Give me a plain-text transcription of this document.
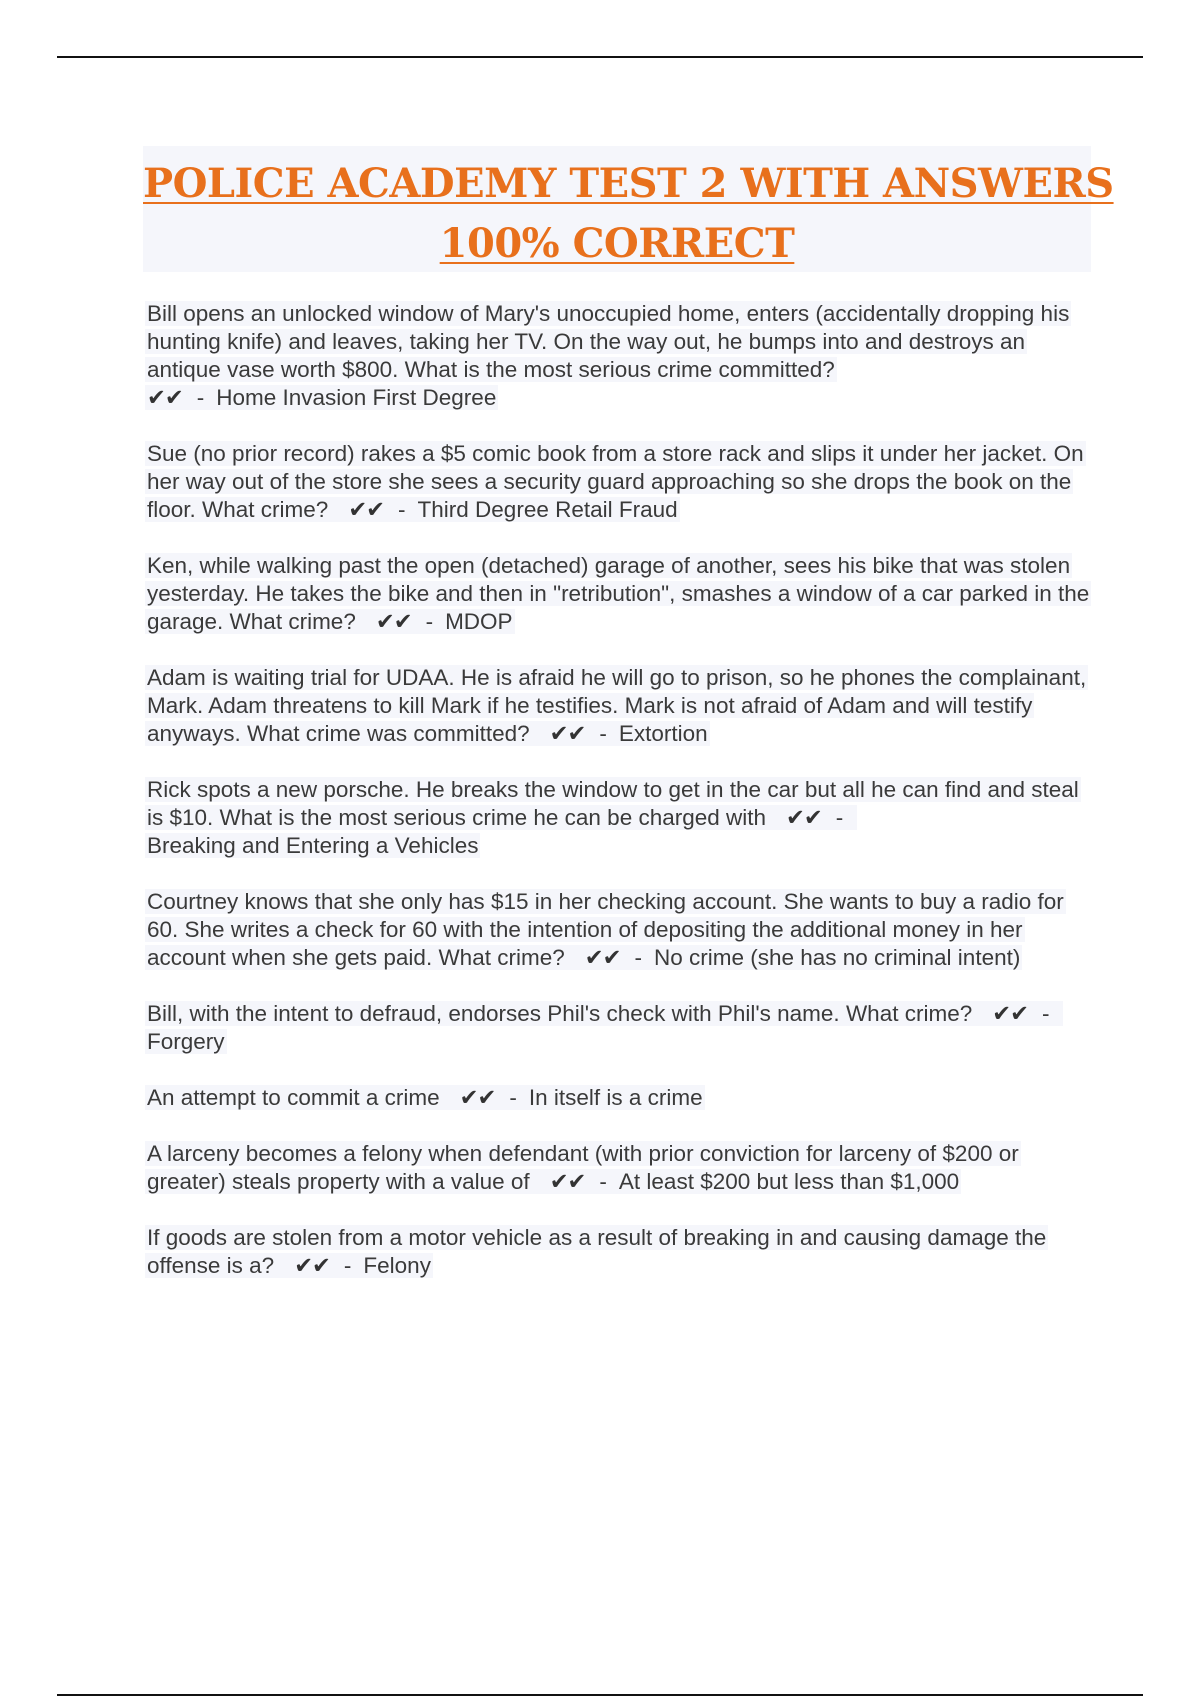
POLICE ACADEMY TEST 2 WITH ANSWERS
100% CORRECT

Bill opens an unlocked window of Mary's unoccupied home, enters (accidentally dropping his hunting knife) and leaves, taking her TV. On the way out, he bumps into and destroys an antique vase worth $800. What is the most serious crime committed?
✔✔ - Home Invasion First Degree

Sue (no prior record) rakes a $5 comic book from a store rack and slips it under her jacket. On her way out of the store she sees a security guard approaching so she drops the book on the floor. What crime? ✔✔ - Third Degree Retail Fraud

Ken, while walking past the open (detached) garage of another, sees his bike that was stolen yesterday. He takes the bike and then in "retribution", smashes a window of a car parked in the garage. What crime? ✔✔ - MDOP

Adam is waiting trial for UDAA. He is afraid he will go to prison, so he phones the complainant, Mark. Adam threatens to kill Mark if he testifies. Mark is not afraid of Adam and will testify anyways. What crime was committed? ✔✔ - Extortion

Rick spots a new porsche. He breaks the window to get in the car but all he can find and steal is $10. What is the most serious crime he can be charged with ✔✔ -
Breaking and Entering a Vehicles

Courtney knows that she only has $15 in her checking account. She wants to buy a radio for 60. She writes a check for 60 with the intention of depositing the additional money in her account when she gets paid. What crime? ✔✔ - No crime (she has no criminal intent)

Bill, with the intent to defraud, endorses Phil's check with Phil's name. What crime? ✔✔ -Forgery

An attempt to commit a crime ✔✔ - In itself is a crime

A larceny becomes a felony when defendant (with prior conviction for larceny of $200 or greater) steals property with a value of ✔✔ - At least $200 but less than $1,000

If goods are stolen from a motor vehicle as a result of breaking in and causing damage the offense is a? ✔✔ - Felony
